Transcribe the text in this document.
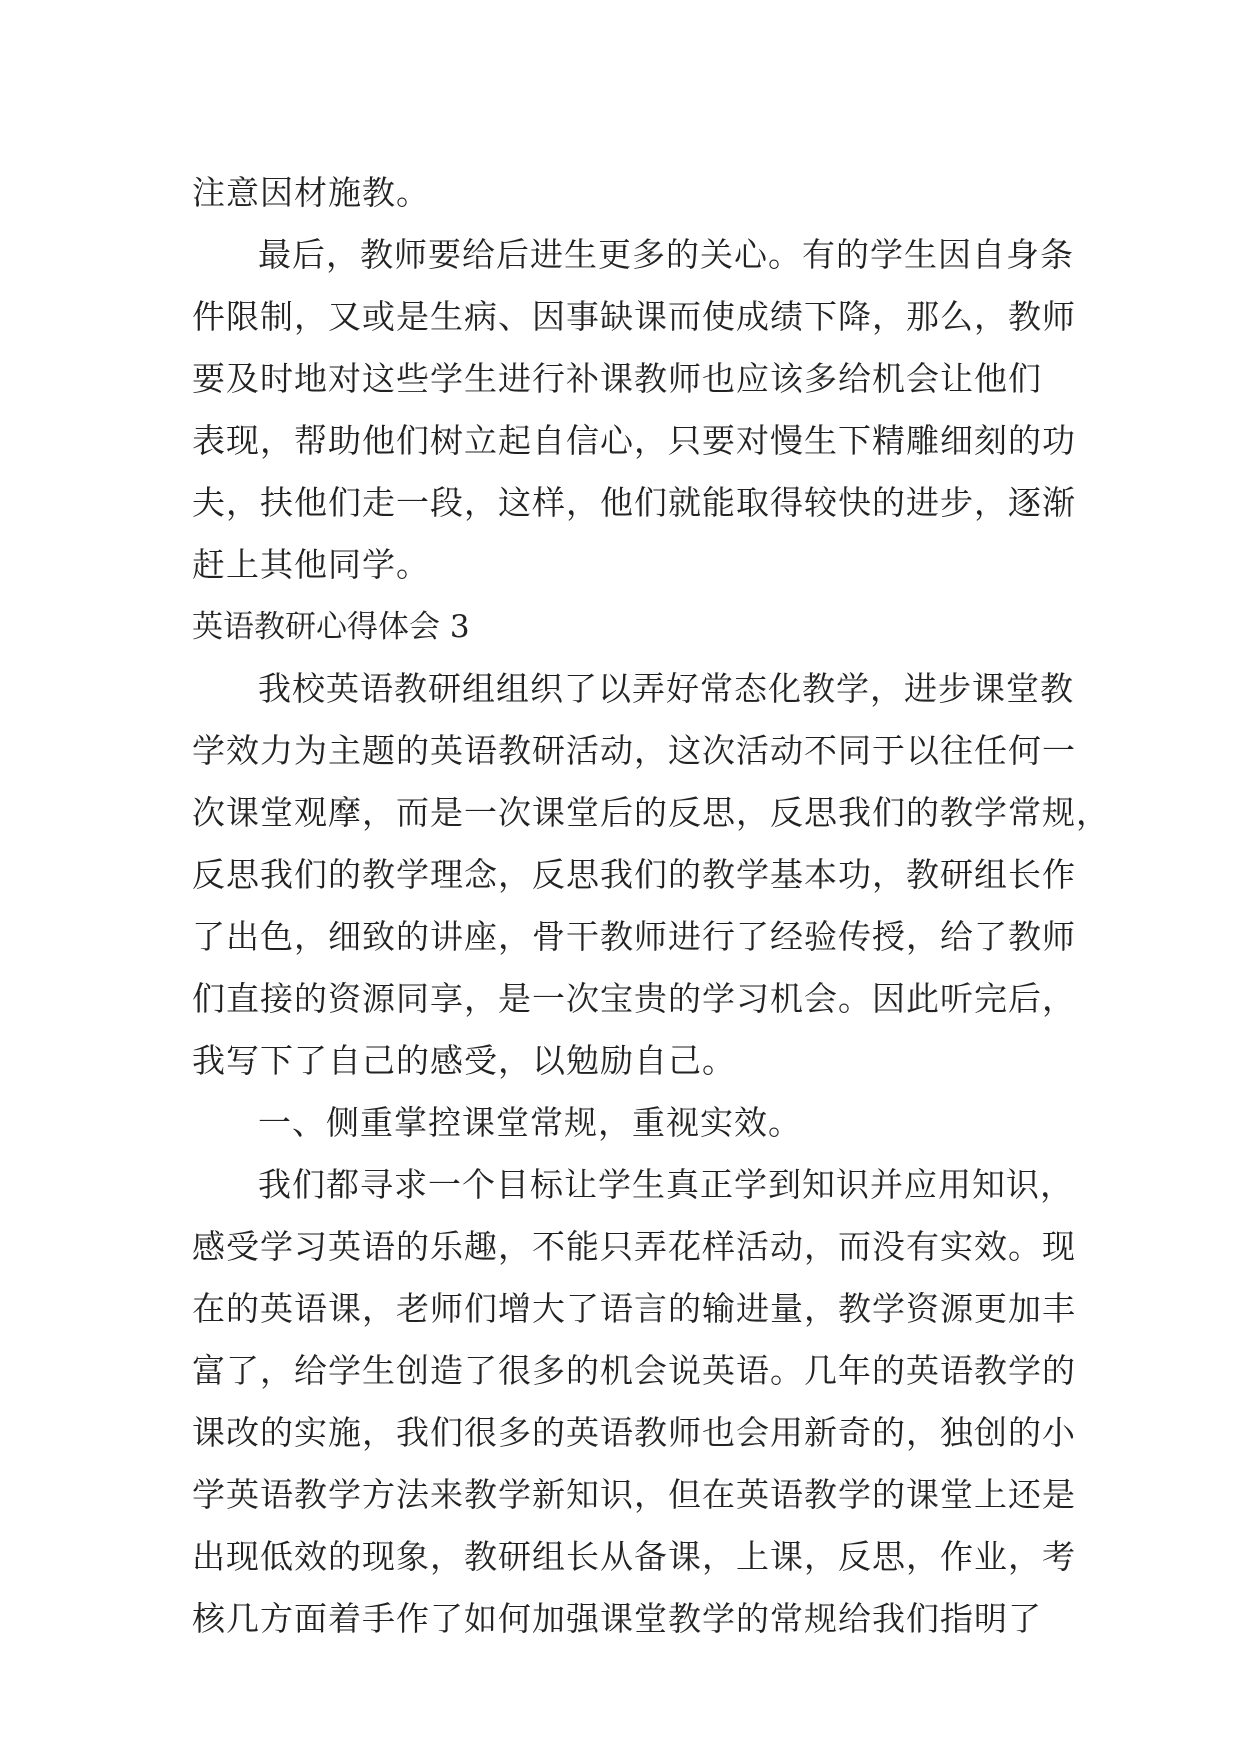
注意因材施教。
最后，教师要给后进生更多的关心。有的学生因自身条
件限制，又或是生病、因事缺课而使成绩下降，那么，教师
要及时地对这些学生进行补课教师也应该多给机会让他们
表现，帮助他们树立起自信心，只要对慢生下精雕细刻的功
夫，扶他们走一段，这样，他们就能取得较快的进步，逐渐
赶上其他同学。
英语教研心得体会 3
我校英语教研组组织了以弄好常态化教学，进步课堂教
学效力为主题的英语教研活动，这次活动不同于以往任何一
次课堂观摩，而是一次课堂后的反思，反思我们的教学常规，
反思我们的教学理念，反思我们的教学基本功，教研组长作
了出色，细致的讲座，骨干教师进行了经验传授，给了教师
们直接的资源同享，是一次宝贵的学习机会。因此听完后，
我写下了自己的感受，以勉励自己。
一、侧重掌控课堂常规，重视实效。
我们都寻求一个目标让学生真正学到知识并应用知识，
感受学习英语的乐趣，不能只弄花样活动，而没有实效。现
在的英语课，老师们增大了语言的输进量，教学资源更加丰
富了，给学生创造了很多的机会说英语。几年的英语教学的
课改的实施，我们很多的英语教师也会用新奇的，独创的小
学英语教学方法来教学新知识，但在英语教学的课堂上还是
出现低效的现象，教研组长从备课，上课，反思，作业，考
核几方面着手作了如何加强课堂教学的常规给我们指明了
